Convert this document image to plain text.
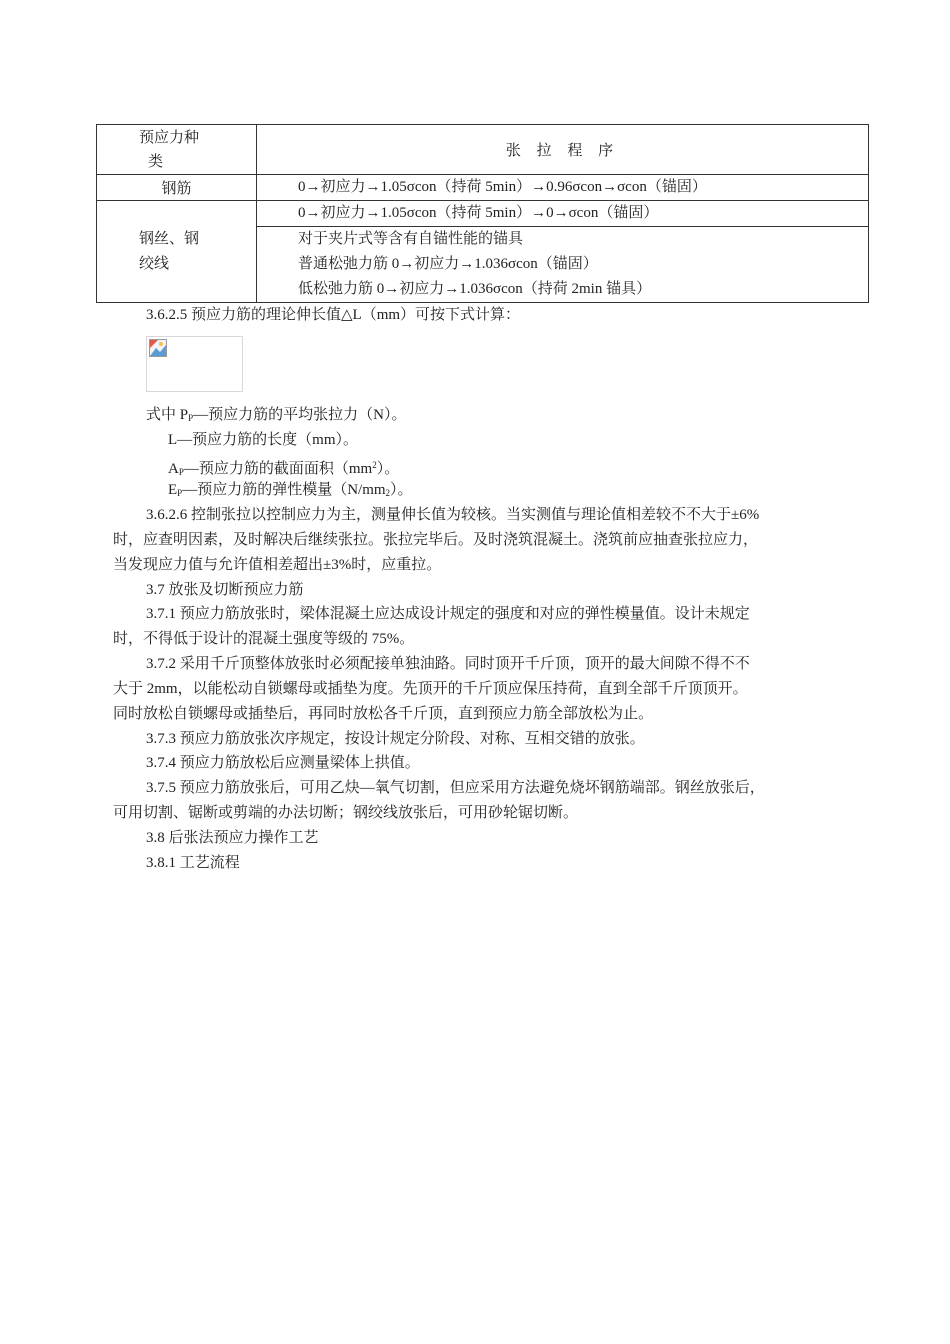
预应力种
类	张 拉 程 序
钢筋	0→初应力→1.05σcon（持荷 5min）→0.96σcon→σcon（锚固）

钢丝、钢
绞线	0→初应力→1.05σcon（持荷 5min）→0→σcon（锚固）

	对于夹片式等含有自锚性能的锚具
普通松弛力筋 0→初应力→1.036σcon（锚固）
低松弛力筋 0→初应力→1.036σcon（持荷 2min 锚具）

3.6.2.5 预应力筋的理论伸长值△L（mm）可按下式计算：

式中 $P_P—$预应力筋的平均张拉力（N）。
L—预应力筋的长度（mm）。
$A_P—$预应力筋的截面面积$(mm^2)$。
$E_P—$预应力筋的弹性模量$(N/mm_2)$。

3.6.2.6 控制张拉以控制应力为主，测量伸长值为较核。当实测值与理论值相差较不不大于±6%

时，应查明因素，及时解决后继续张拉。张拉完毕后。及时浇筑混凝土。浇筑前应抽查张拉应力，

当发现应力值与允许值相差超出±3%时，应重拉。

3.7 放张及切断预应力筋

3.7.1 预应力筋放张时，梁体混凝土应达成设计规定的强度和对应的弹性模量值。设计未规定

时，不得低于设计的混凝土强度等级的 75%。

3.7.2 采用千斤顶整体放张时必须配接单独油路。同时顶开千斤顶，顶开的最大间隙不得不不

大于 2mm，以能松动自锁螺母或插垫为度。先顶开的千斤顶应保压持荷，直到全部千斤顶顶开。

同时放松自锁螺母或插垫后，再同时放松各千斤顶，直到预应力筋全部放松为止。

3.7.3 预应力筋放张次序规定，按设计规定分阶段、对称、互相交错的放张。

3.7.4 预应力筋放松后应测量梁体上拱值。

3.7.5 预应力筋放张后，可用乙炔—氧气切割，但应采用方法避免烧坏钢筋端部。钢丝放张后，

可用切割、锯断或剪端的办法切断；钢绞线放张后，可用砂轮锯切断。

3.8 后张法预应力操作工艺

3.8.1 工艺流程
